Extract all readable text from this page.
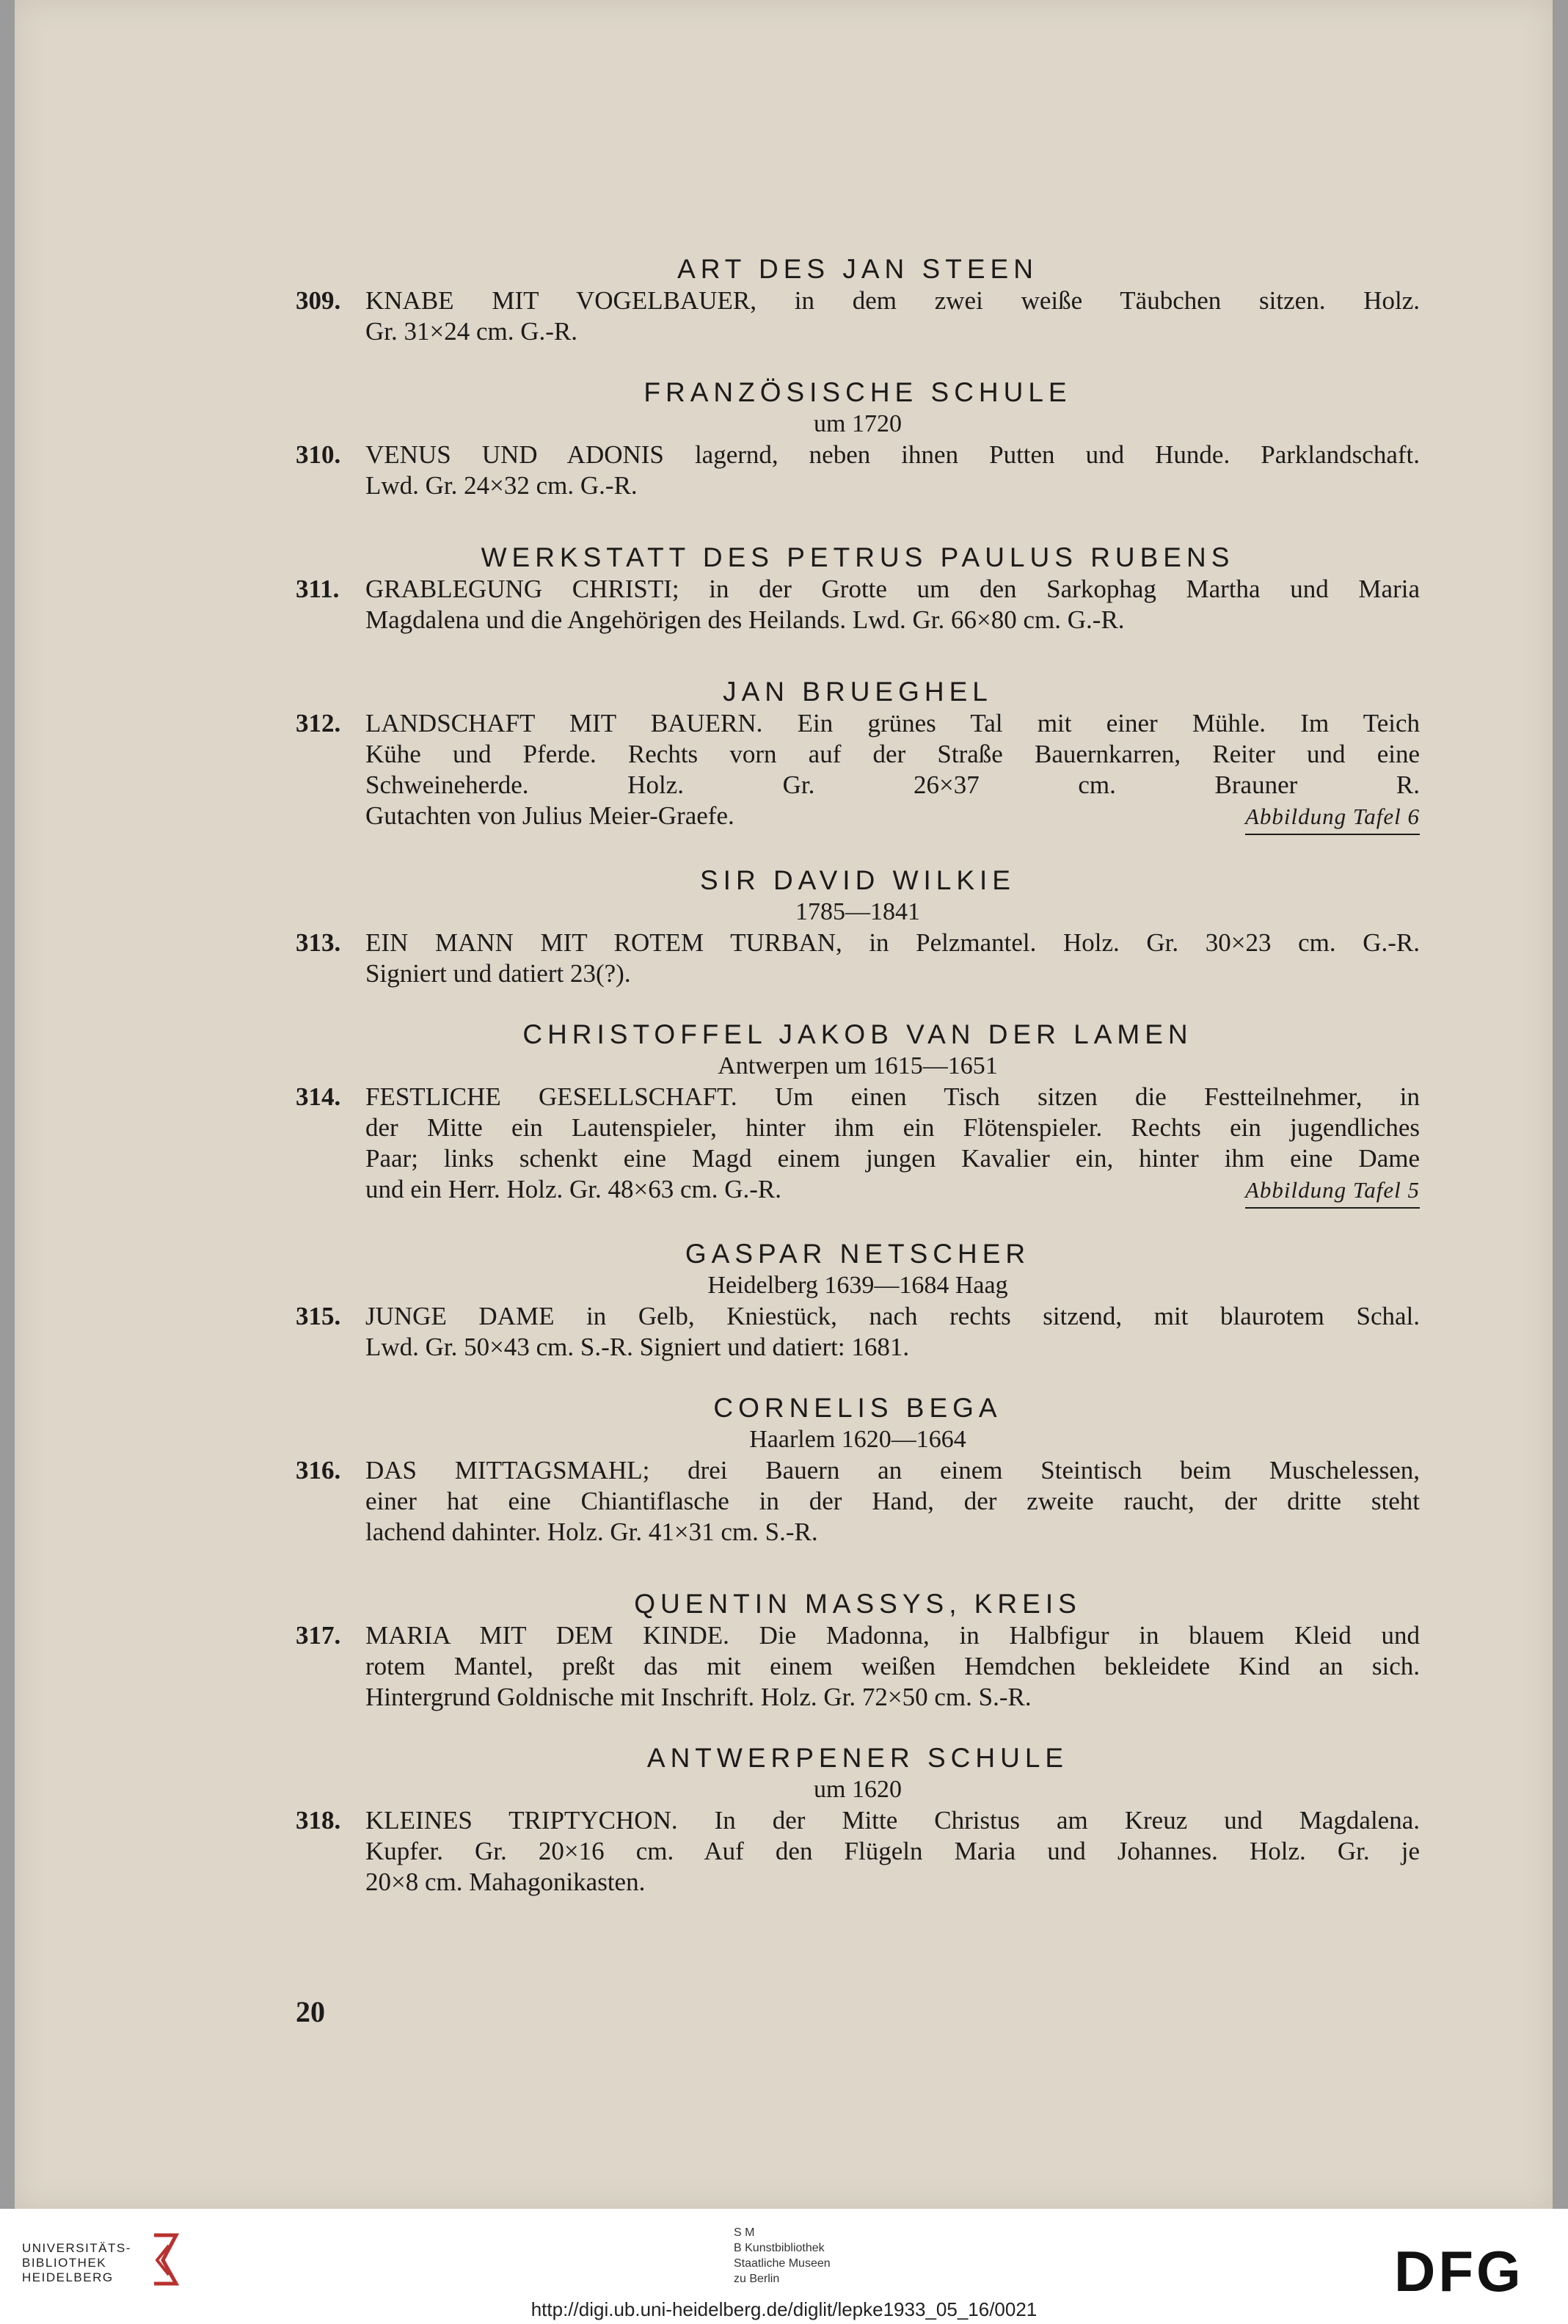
ART DES JAN STEEN
309. KNABE MIT VOGELBAUER, in dem zwei weiße Täubchen sitzen. Holz.
Gr. 31×24 cm. G.-R.
FRANZÖSISCHE SCHULE
um 1720
310. VENUS UND ADONIS lagernd, neben ihnen Putten und Hunde. Parklandschaft.
Lwd. Gr. 24×32 cm. G.-R.
WERKSTATT DES PETRUS PAULUS RUBENS
311.	GRABLEGUNG CHRISTI; in der Grotte um den Sarkophag Martha und Maria
Magdalena und die Angehörigen des Heilands. Lwd. Gr. 66×80 cm. G.-R.
JAN BRUEGHEL
312. LANDSCHAFT MIT BAUERN. Ein grünes Tal mit einer Mühle. Im Teich
Kühe und Pferde. Rechts vorn auf der Straße Bauernkarren, Reiter und eine
Schweineherde. Holz. Gr. 26×37 cm. Brauner R.
Gutachten von Julius Meier-Graefe.	Abbildung Tafel 6
SIR DAVID WILKIE
1785—1841
313. EIN MANN MIT ROTEM TURBAN, in Pelzmantel. Holz. Gr. 30×23 cm. G.-R.
Signiert und datiert 23(?).
CHRISTOFFEL JAKOB VAN DER LAMEN
Antwerpen um 1615—1651
314. FESTLICHE GESELLSCHAFT. Um einen Tisch sitzen die Festteilnehmer, in
der Mitte ein Lautenspieler, hinter ihm ein Flötenspieler. Rechts ein jugendliches
Paar; links schenkt eine Magd einem jungen Kavalier ein, hinter ihm eine Dame
und ein Herr. Holz. Gr. 48×63 cm. G.-R.	Abbildung Tafel 5
GASPAR NETSCHER
Heidelberg 1639—1684 Haag
315. JUNGE DAME in Gelb, Kniestück, nach rechts sitzend, mit blaurotem Schal.
Lwd. Gr. 50×43 cm. S.-R. Signiert und datiert: 1681.
CORNELIS BEGA
Haarlem 1620—1664
316. DAS MITTAGSMAHL; drei Bauern an einem Steintisch beim Muschelessen,
einer hat eine Chiantiflasche in der Hand, der zweite raucht, der dritte steht
lachend dahinter. Holz. Gr. 41×31 cm. S.-R.
QUENTIN MASSYS, KREIS
317. MARIA MIT DEM KINDE. Die Madonna, in Halbfigur in blauem Kleid und
rotem Mantel, preßt das mit einem weißen Hemdchen bekleidete Kind an sich.
Hintergrund Goldnische mit Inschrift. Holz. Gr. 72×50 cm. S.-R.
ANTWERPENER SCHULE
um 1620
318. KLEINES TRIPTYCHON. In der Mitte Christus am Kreuz und Magdalena.
Kupfer. Gr. 20×16 cm. Auf den Flügeln Maria und Johannes. Holz. Gr. je
20×8 cm. Mahagonikasten.
20
UNIVERSITÄTS-
BIBLIOTHEK
HEIDELBERG
S M
B Kunstbibliothek
Staatliche Museen
zu Berlin	DFG
http://digi.ub.uni-heidelberg.de/diglit/lepke1933_05_16/0021
